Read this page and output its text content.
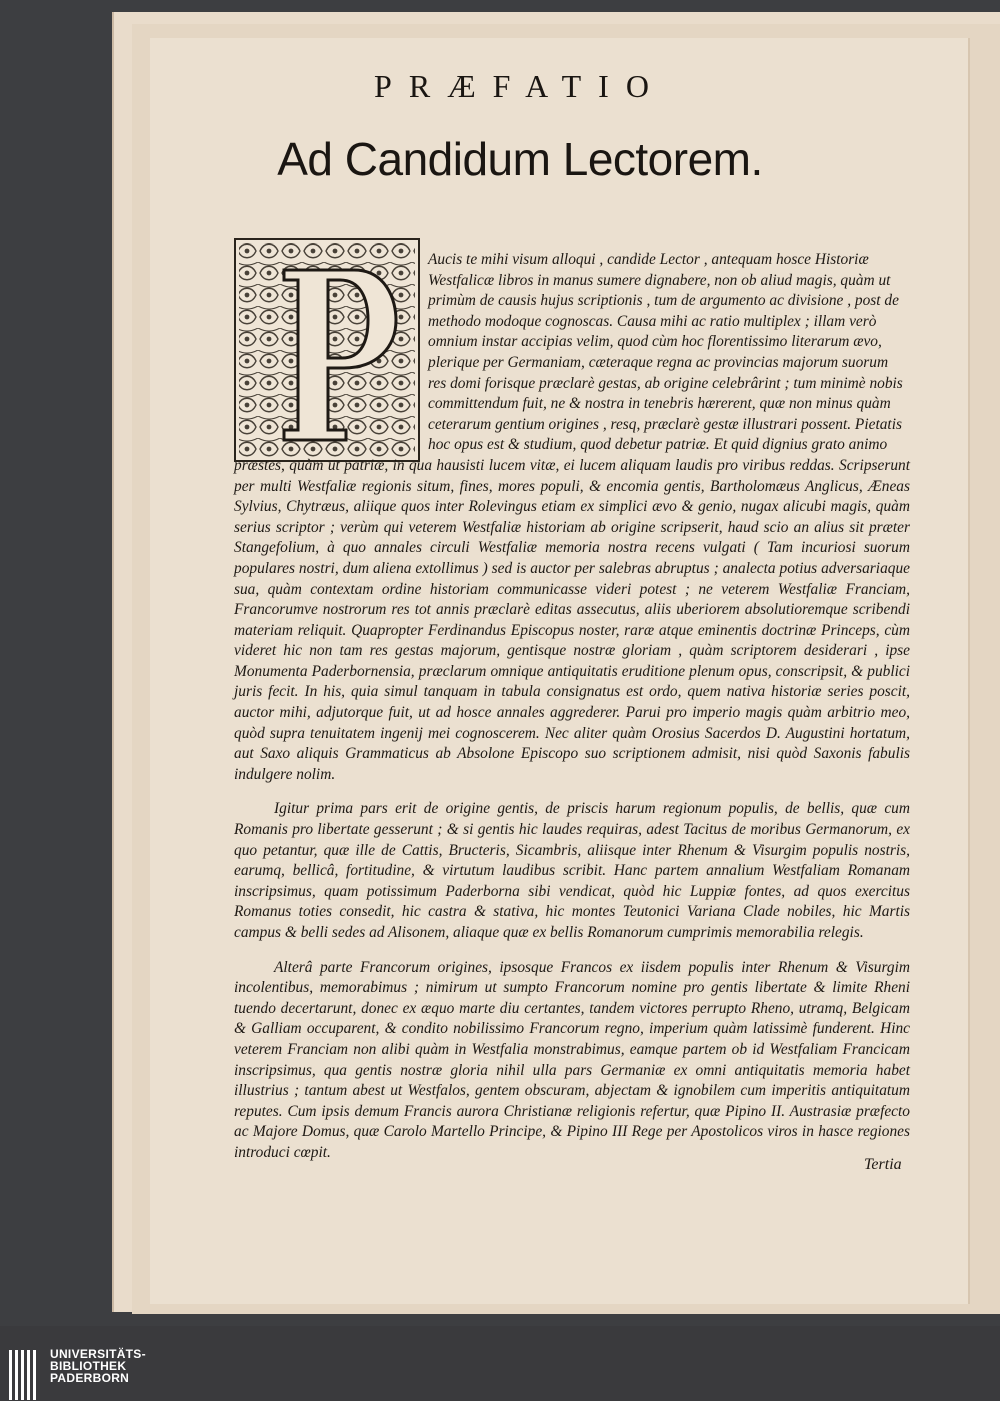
PRÆFATIO
Ad Candidum Lectorem.

Aucis te mihi visum alloqui , candide Lector , antequam hosce Historiæ
Westfalicæ libros in manus sumere dignabere, non ob aliud magis, quàm ut
primùm de causis hujus scriptionis , tum de argumento ac divisione , post de
methodo modoque cognoscas. Causa mihi ac ratio multiplex ; illam verò
omnium instar accipias velim, quod cùm hoc florentissimo literarum ævo,
plerique per Germaniam, cæteraque regna ac provincias majorum suorum
res domi forisque præclarè gestas, ab origine celebrârint ; tum minimè nobis
committendum fuit, ne & nostra in tenebris hærerent, quæ non minus quàm
ceterarum gentium origines , resq, præclarè gestæ illustrari possent. Pietatis
hoc opus est & studium, quod debetur patriæ. Et quid dignius grato animo
præstes, quàm ut patriæ, in qua hausisti lucem vitæ, ei lucem aliquam laudis pro viribus reddas. Scripserunt per multi Westfaliæ regionis situm, fines, mores populi, & encomia gentis, Bartholomæus Anglicus, Æneas Sylvius, Chytræus, aliique quos inter Rolevingus etiam ex simplici ævo & genio, nugax alicubi magis, quàm serius scriptor ; verùm qui veterem Westfaliæ historiam ab origine scripserit, haud scio an alius sit præter Stangefolium, à quo annales circuli Westfaliæ memoria nostra recens vulgati ( Tam incuriosi suorum populares nostri, dum aliena extollimus ) sed is auctor per salebras abruptus ; analecta potius adversariaque sua, quàm contextam ordine historiam communicasse videri potest ; ne veterem Westfaliæ Franciam, Francorumve nostrorum res tot annis præclarè editas assecutus, aliis uberiorem absolutioremque scribendi materiam reliquit. Quapropter Ferdinandus Episcopus noster, raræ atque eminentis doctrinæ Princeps, cùm videret hic non tam res gestas majorum, gentisque nostræ gloriam , quàm scriptorem desiderari , ipse Monumenta Paderbornensia, præclarum omnique antiquitatis eruditione plenum opus, conscripsit, & publici juris fecit. In his, quia simul tanquam in tabula consignatus est ordo, quem nativa historiæ series poscit, auctor mihi, adjutorque fuit, ut ad hosce annales aggrederer. Parui pro imperio magis quàm arbitrio meo, quòd supra tenuitatem ingenij mei cognoscerem. Nec aliter quàm Orosius Sacerdos D. Augustini hortatum, aut Saxo aliquis Grammaticus ab Absolone Episcopo suo scriptionem admisit, nisi quòd Saxonis fabulis indulgere nolim.

Igitur prima pars erit de origine gentis, de priscis harum regionum populis, de bellis, quæ cum Romanis pro libertate gesserunt ; & si gentis hic laudes requiras, adest Tacitus de moribus Germanorum, ex quo petantur, quæ ille de Cattis, Bructeris, Sicambris, aliisque inter Rhenum & Visurgim populis nostris, earumq, bellicâ, fortitudine, & virtutum laudibus scribit. Hanc partem annalium Westfaliam Romanam inscripsimus, quam potissimum Paderborna sibi vendicat, quòd hic Luppiæ fontes, ad quos exercitus Romanus toties consedit, hic castra & stativa, hic montes Teutonici Variana Clade nobiles, hic Martis campus & belli sedes ad Alisonem, aliaque quæ ex bellis Romanorum cumprimis memorabilia relegis.

Alterâ parte Francorum origines, ipsosque Francos ex iisdem populis inter Rhenum & Visurgim incolentibus, memorabimus ; nimirum ut sumpto Francorum nomine pro gentis libertate & limite Rheni tuendo decertarunt, donec ex æquo marte diu certantes, tandem victores perrupto Rheno, utramq, Belgicam & Galliam occuparent, & condito nobilissimo Francorum regno, imperium quàm latissimè funderent. Hinc veterem Franciam non alibi quàm in Westfalia monstrabimus, eamque partem ob id Westfaliam Francicam inscripsimus, qua gentis nostræ gloria nihil ulla pars Germaniæ ex omni antiquitatis memoria habet illustrius ; tantum abest ut Westfalos, gentem obscuram, abjectam & ignobilem cum imperitis antiquitatum reputes. Cum ipsis demum Francis aurora Christianæ religionis refertur, quæ Pipino II. Austrasiæ præfecto ac Majore Domus, quæ Carolo Martello Principe, & Pipino III Rege per Apostolicos viros in hasce regiones introduci cœpit.

Tertia
UNIVERSITÄTS-
BIBLIOTHEK
PADERBORN
